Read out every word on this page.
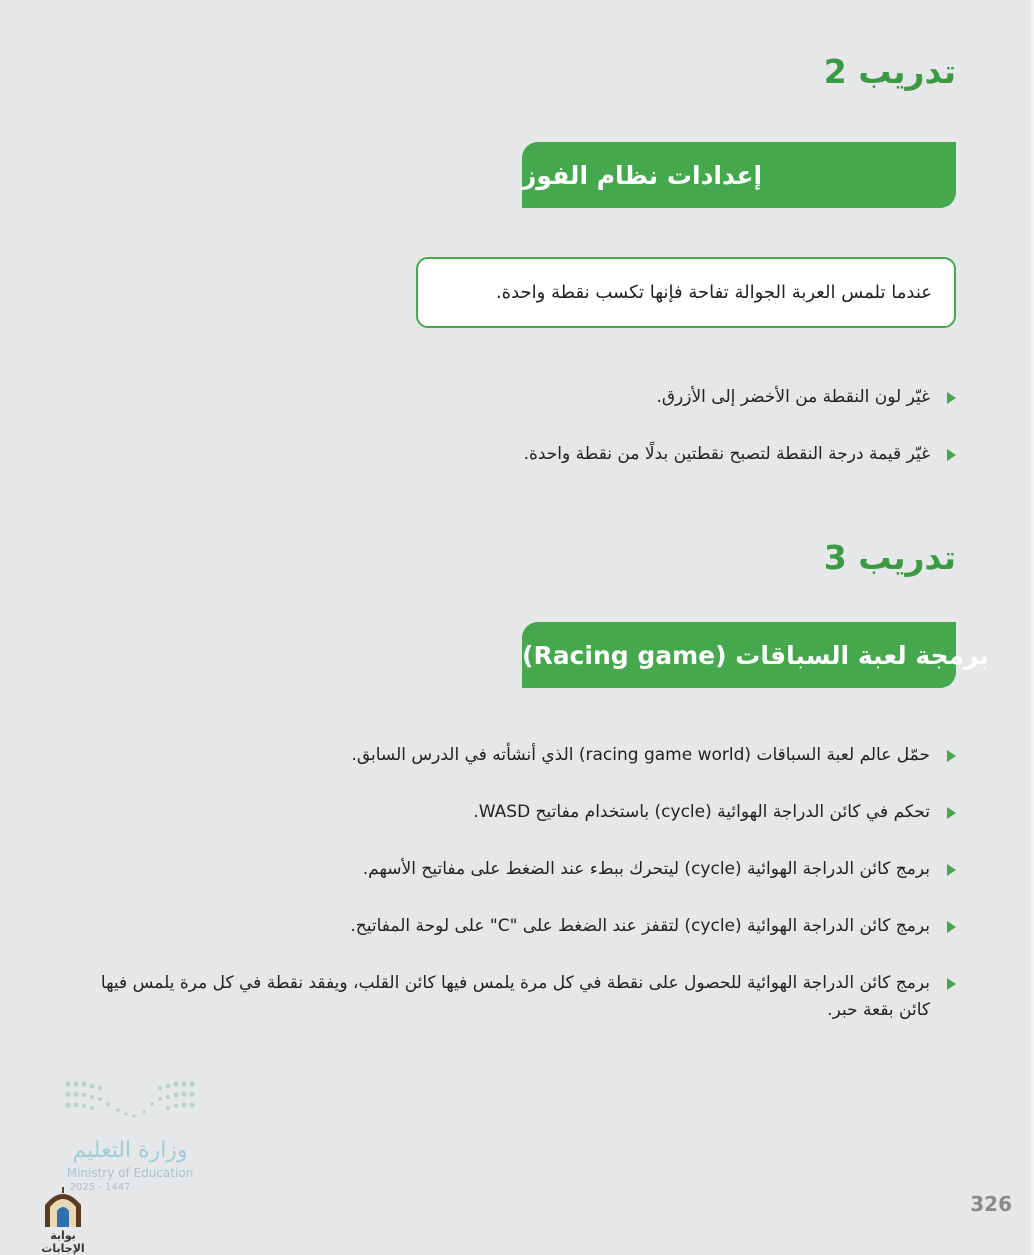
تدريب 2
إعدادات نظام الفوز
عندما تلمس العربة الجوالة تفاحة فإنها تكسب نقطة واحدة.
غيّر لون النقطة من الأخضر إلى الأزرق.
غيّر قيمة درجة النقطة لتصبح نقطتين بدلًا من نقطة واحدة.
تدريب 3
برمجة لعبة السباقات (Racing game)
حمّل عالم لعبة السباقات (racing game world) الذي أنشأته في الدرس السابق.
تحكم في كائن الدراجة الهوائية (cycle) باستخدام مفاتيح WASD.
برمج كائن الدراجة الهوائية (cycle) ليتحرك ببطء عند الضغط على مفاتيح الأسهم.
برمج كائن الدراجة الهوائية (cycle) لتقفز عند الضغط على "C" على لوحة المفاتيح.
برمج كائن الدراجة الهوائية للحصول على نقطة في كل مرة يلمس فيها كائن القلب، ويفقد نقطة في كل مرة يلمس فيها كائن بقعة حبر.
وزارة التعليم
Ministry of Education
2025 - 1447
بوابة الإجابات
326
